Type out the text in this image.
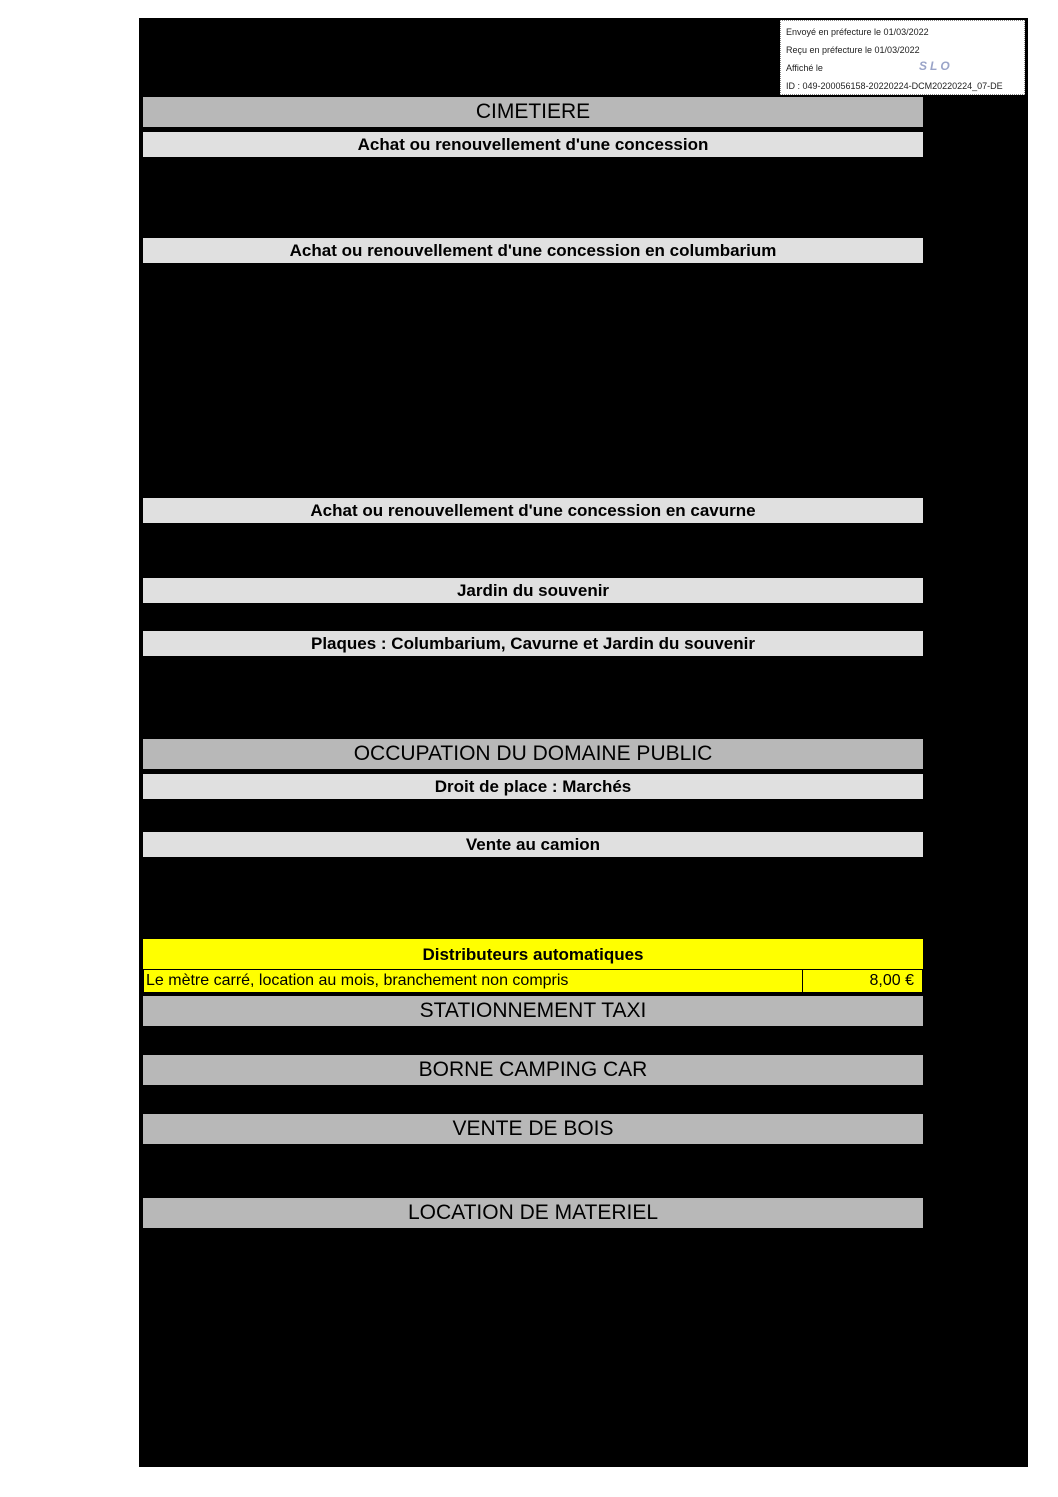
Envoyé en préfecture le 01/03/2022
Reçu en préfecture le 01/03/2022
Affiché le
ID : 049-200056158-20220224-DCM20220224_07-DE
SLO
CIMETIERE
Achat ou renouvellement d'une concession
Achat ou renouvellement d'une concession en columbarium
Achat ou renouvellement d'une concession en cavurne
Jardin du souvenir
Plaques : Columbarium, Cavurne et Jardin du souvenir
OCCUPATION DU DOMAINE PUBLIC
Droit de place : Marchés
Vente au camion
Distributeurs automatiques
Le mètre carré, location au mois, branchement non compris	8,00 €
STATIONNEMENT TAXI
BORNE CAMPING CAR
VENTE DE BOIS
LOCATION DE MATERIEL
